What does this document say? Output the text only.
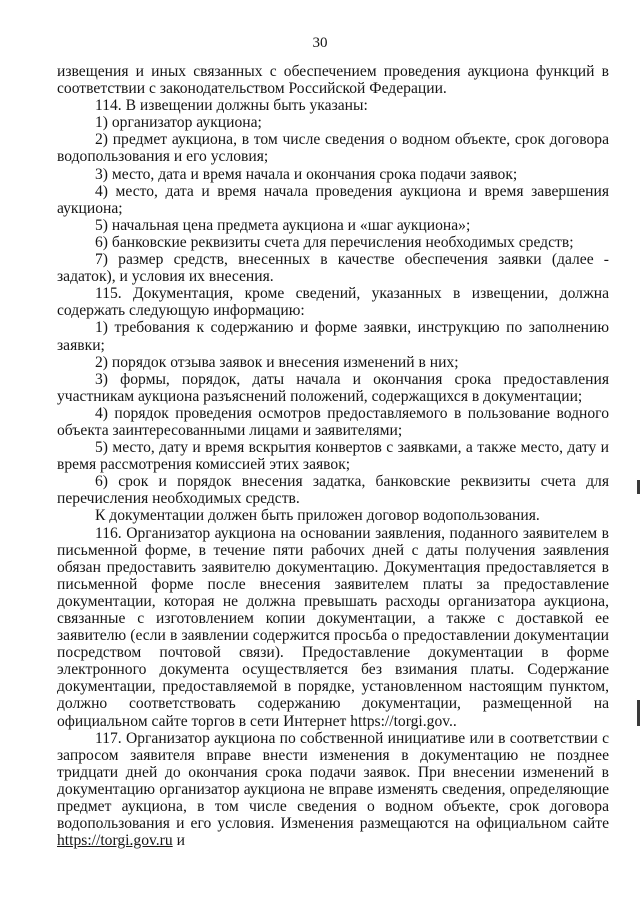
30

извещения и иных связанных с обеспечением проведения аукциона функций в соответствии с законодательством Российской Федерации.

114. В извещении должны быть указаны:

1) организатор аукциона;

2) предмет аукциона, в том числе сведения о водном объекте, срок договора водопользования и его условия;

3) место, дата и время начала и окончания срока подачи заявок;

4) место, дата и время начала проведения аукциона и время завершения аукциона;

5) начальная цена предмета аукциона и «шаг аукциона»;

6) банковские реквизиты счета для перечисления необходимых средств;

7) размер средств, внесенных в качестве обеспечения заявки (далее - задаток), и условия их внесения.

115. Документация, кроме сведений, указанных в извещении, должна содержать следующую информацию:

1) требования к содержанию и форме заявки, инструкцию по заполнению заявки;

2) порядок отзыва заявок и внесения изменений в них;

3) формы, порядок, даты начала и окончания срока предоставления участникам аукциона разъяснений положений, содержащихся в документации;

4) порядок проведения осмотров предоставляемого в пользование водного объекта заинтересованными лицами и заявителями;

5) место, дату и время вскрытия конвертов с заявками, а также место, дату и время рассмотрения комиссией этих заявок;

6) срок и порядок внесения задатка, банковские реквизиты счета для перечисления необходимых средств.

К документации должен быть приложен договор водопользования.

116. Организатор аукциона на основании заявления, поданного заявителем в письменной форме, в течение пяти рабочих дней с даты получения заявления обязан предоставить заявителю документацию. Документация предоставляется в письменной форме после внесения заявителем платы за предоставление документации, которая не должна превышать расходы организатора аукциона, связанные с изготовлением копии документации, а также с доставкой ее заявителю (если в заявлении содержится просьба о предоставлении документации посредством почтовой связи). Предоставление документации в форме электронного документа осуществляется без взимания платы. Содержание документации, предоставляемой в порядке, установленном настоящим пунктом, должно соответствовать содержанию документации, размещенной на официальном сайте торгов в сети Интернет https://torgi.gov..

117. Организатор аукциона по собственной инициативе или в соответствии с запросом заявителя вправе внести изменения в документацию не позднее тридцати дней до окончания срока подачи заявок. При внесении изменений в документацию организатор аукциона не вправе изменять сведения, определяющие предмет аукциона, в том числе сведения о водном объекте, срок договора водопользования и его условия. Изменения размещаются на официальном сайте https://torgi.gov.ru и
